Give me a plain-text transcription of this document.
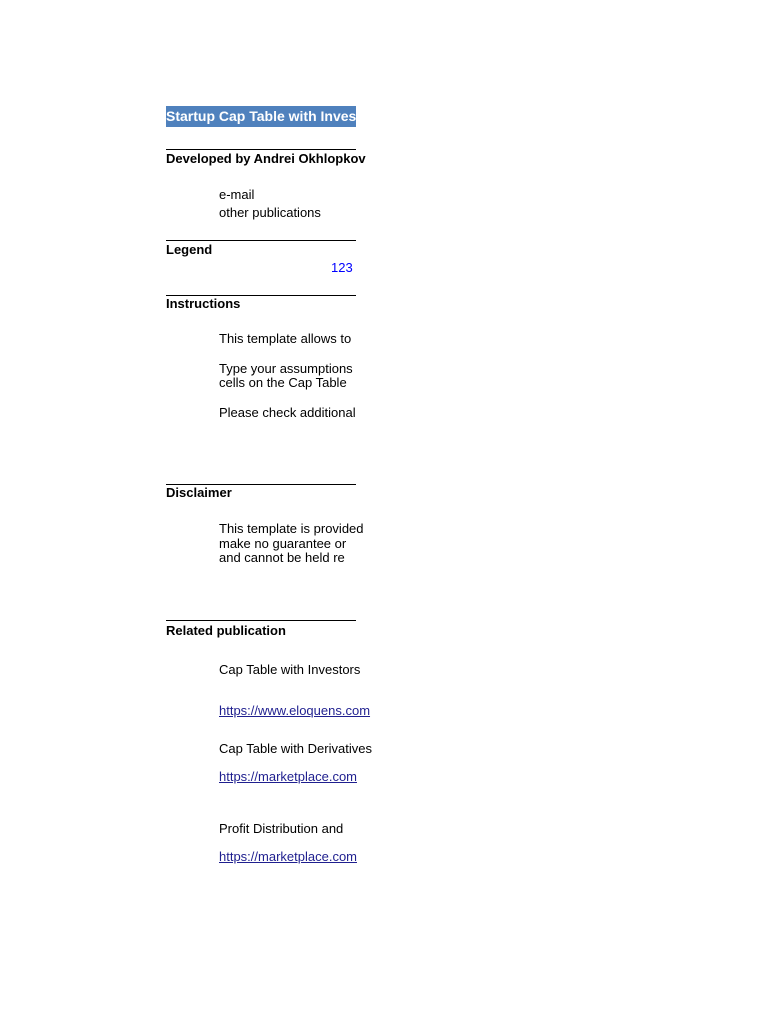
Startup Cap Table with Investor
Developed by Andrei Okhlopkov
e-mail
other publications
Legend
123
Instructions
This template allows to
Type your assumptions
cells on the Cap Table
Please check additional
Disclaimer
This template is provided
make no guarantee or
and cannot be held re
Related publication
Cap Table with Investors
https://www.eloquens.com
Cap Table with Derivatives
https://marketplace.com
Profit Distribution and
https://marketplace.com
